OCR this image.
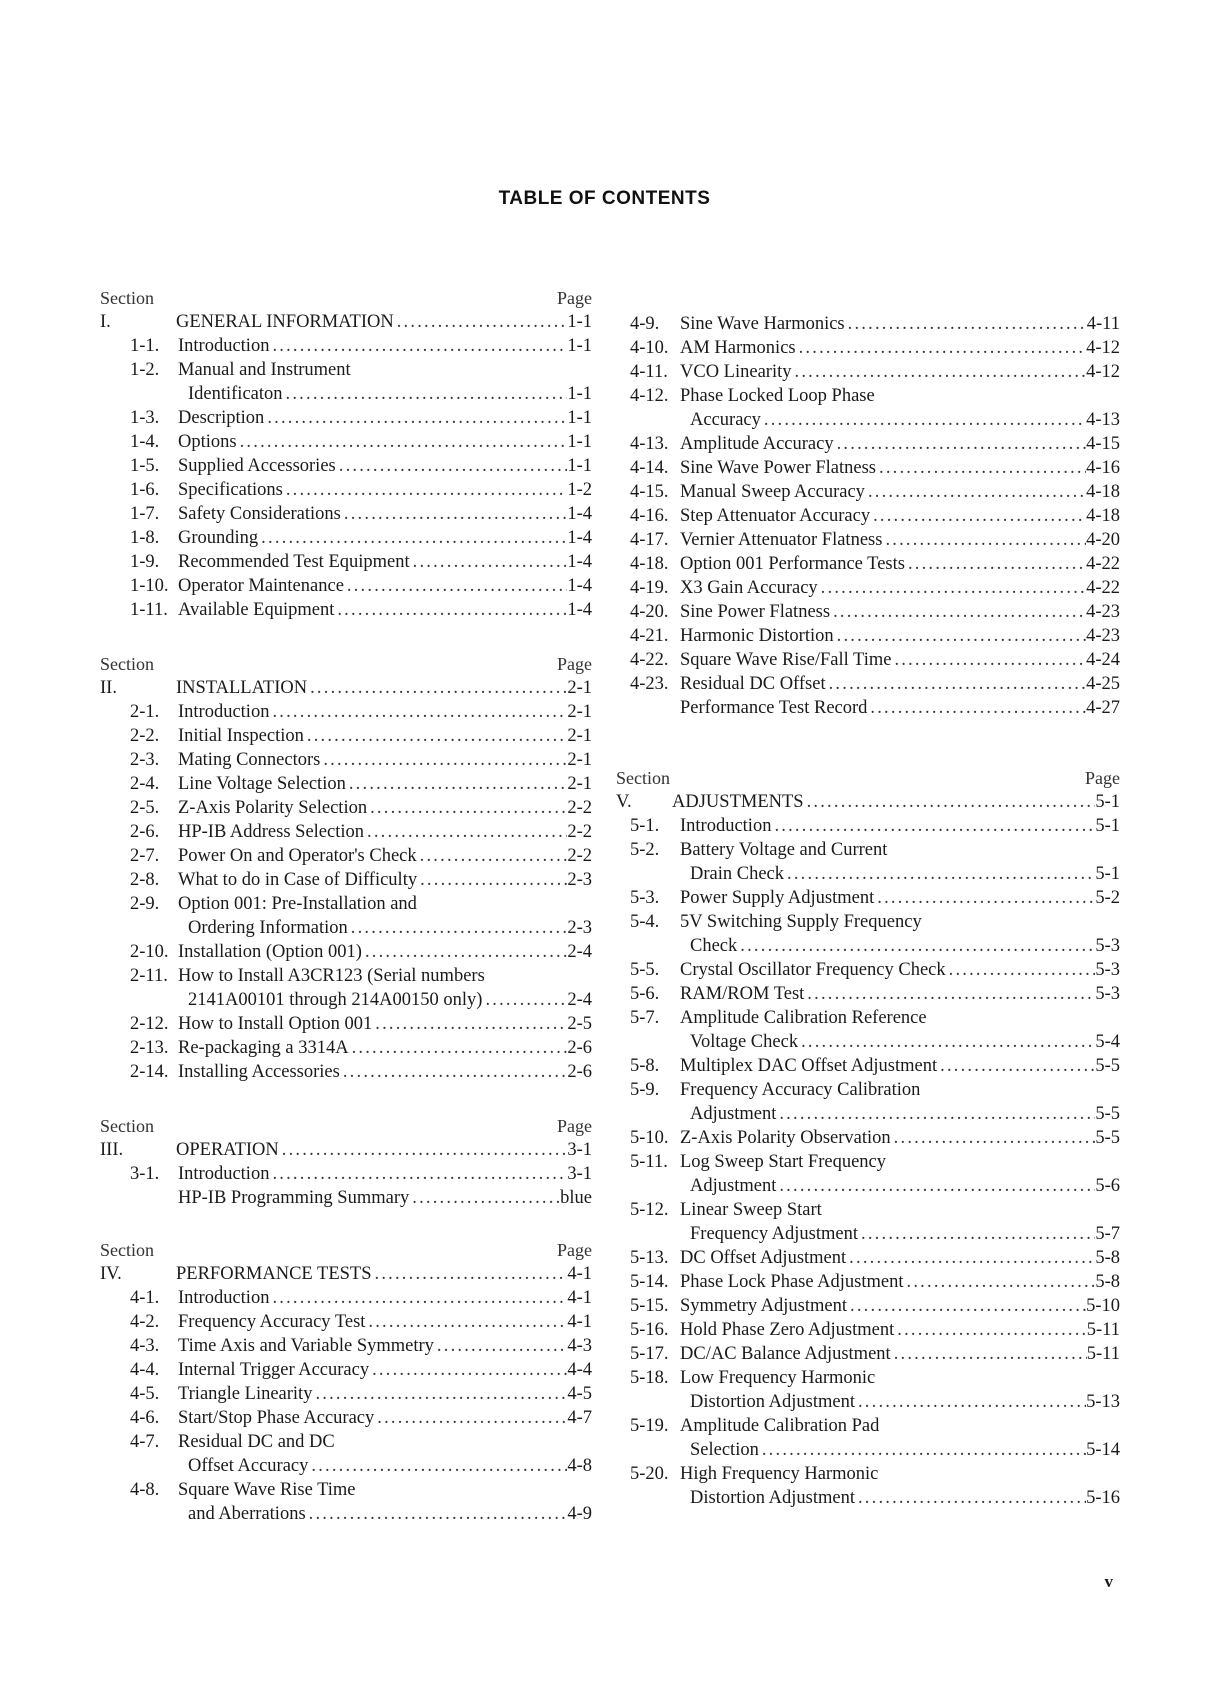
TABLE OF CONTENTS
Section	Page
I.	GENERAL INFORMATION .....	1-1
1-1.	Introduction .....	1-1
1-2.	Manual and Instrument
Identificaton .....	1-1
1-3.	Description .....	1-1
1-4.	Options .....	1-1
1-5.	Supplied Accessories .....	1-1
1-6.	Specifications .....	1-2
1-7.	Safety Considerations .....	1-4
1-8.	Grounding .....	1-4
1-9.	Recommended Test Equipment .....	1-4
1-10. Operator Maintenance .....	1-4
1-11. Available Equipment .....	1-4
Section	Page
II.	INSTALLATION .....	2-1
2-1.	Introduction .....	2-1
2-2.	Initial Inspection .....	2-1
2-3.	Mating Connectors .....	2-1
2-4.	Line Voltage Selection .....	2-1
2-5.	Z-Axis Polarity Selection .....	2-2
2-6.	HP-IB Address Selection .....	2-2
2-7.	Power On and Operator's Check .....	2-2
2-8.	What to do in Case of Difficulty .....	2-3
2-9.	Option 001: Pre-Installation and
Ordering Information .....	2-3
2-10. Installation (Option 001) .....	2-4
2-11. How to Install A3CR123 (Serial numbers
2141A00101 through 214A00150 only) .....	2-4
2-12. How to Install Option 001 .....	2-5
2-13. Re-packaging a 3314A .....	2-6
2-14. Installing Accessories .....	2-6
Section	Page
III.	OPERATION .....	3-1
3-1.	Introduction .....	3-1
HP-IB Programming Summary .....	blue
Section	Page
IV.	PERFORMANCE TESTS .....	4-1
4-1.	Introduction .....	4-1
4-2.	Frequency Accuracy Test .....	4-1
4-3.	Time Axis and Variable Symmetry .....	4-3
4-4.	Internal Trigger Accuracy .....	4-4
4-5.	Triangle Linearity .....	4-5
4-6.	Start/Stop Phase Accuracy .....	4-7
4-7.	Residual DC and DC
Offset Accuracy .....	4-8
4-8.	Square Wave Rise Time
and Aberrations .....	4-9
4-9.	Sine Wave Harmonics .....	4-11
4-10. AM Harmonics .....	4-12
4-11. VCO Linearity .....	4-12
4-12. Phase Locked Loop Phase
Accuracy .....	4-13
4-13. Amplitude Accuracy .....	4-15
4-14. Sine Wave Power Flatness .....	4-16
4-15. Manual Sweep Accuracy .....	4-18
4-16. Step Attenuator Accuracy .....	4-18
4-17. Vernier Attenuator Flatness .....	4-20
4-18. Option 001 Performance Tests .....	4-22
4-19. X3 Gain Accuracy .....	4-22
4-20. Sine Power Flatness .....	4-23
4-21. Harmonic Distortion .....	4-23
4-22. Square Wave Rise/Fall Time .....	4-24
4-23. Residual DC Offset .....	4-25
Performance Test Record .....	4-27
Section	Page
V.	ADJUSTMENTS .....	5-1
5-1.	Introduction .....	5-1
5-2.	Battery Voltage and Current
Drain Check .....	5-1
5-3.	Power Supply Adjustment .....	5-2
5-4.	5V Switching Supply Frequency
Check .....	5-3
5-5.	Crystal Oscillator Frequency Check .....	5-3
5-6.	RAM/ROM Test .....	5-3
5-7.	Amplitude Calibration Reference
Voltage Check .....	5-4
5-8.	Multiplex DAC Offset Adjustment .....	5-5
5-9.	Frequency Accuracy Calibration
Adjustment .....	5-5
5-10. Z-Axis Polarity Observation .....	5-5
5-11. Log Sweep Start Frequency
Adjustment .....	5-6
5-12. Linear Sweep Start
Frequency Adjustment .....	5-7
5-13. DC Offset Adjustment .....	5-8
5-14. Phase Lock Phase Adjustment .....	5-8
5-15. Symmetry Adjustment .....	5-10
5-16. Hold Phase Zero Adjustment .....	5-11
5-17. DC/AC Balance Adjustment .....	5-11
5-18. Low Frequency Harmonic
Distortion Adjustment .....	5-13
5-19. Amplitude Calibration Pad
Selection .....	5-14
5-20. High Frequency Harmonic
Distortion Adjustment .....	5-16
v
